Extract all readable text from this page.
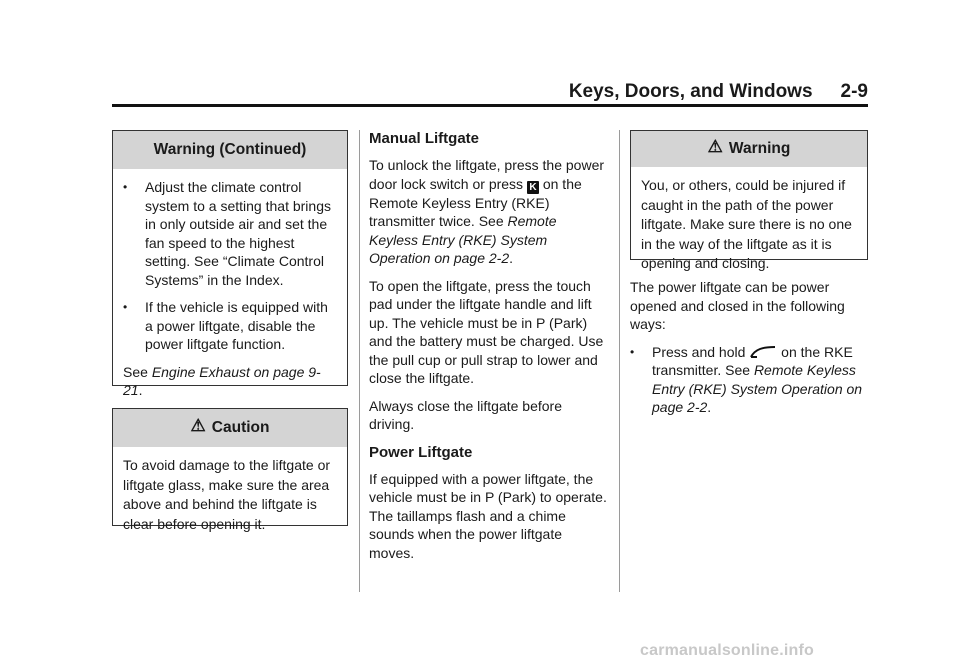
Keys, Doors, and Windows 2-9
Warning (Continued)
• Adjust the climate control system to a setting that brings in only outside air and set the fan speed to the highest setting. See “Climate Control Systems” in the Index.
• If the vehicle is equipped with a power liftgate, disable the power liftgate function.
See Engine Exhaust on page 9-21.
⚠ Caution
To avoid damage to the liftgate or liftgate glass, make sure the area above and behind the liftgate is clear before opening it.
Manual Liftgate

To unlock the liftgate, press the power door lock switch or press K on the Remote Keyless Entry (RKE) transmitter twice. See Remote Keyless Entry (RKE) System Operation on page 2-2.

To open the liftgate, press the touch pad under the liftgate handle and lift up. The vehicle must be in P (Park) and the battery must be charged. Use the pull cup or pull strap to lower and close the liftgate.

Always close the liftgate before driving.

Power Liftgate

If equipped with a power liftgate, the vehicle must be in P (Park) to operate. The taillamps flash and a chime sounds when the power liftgate moves.

⚠ Warning
You, or others, could be injured if caught in the path of the power liftgate. Make sure there is no one in the way of the liftgate as it is opening and closing.

The power liftgate can be power opened and closed in the following ways:

• Press and hold  on the RKE transmitter. See Remote Keyless Entry (RKE) System Operation on page 2-2.
carmanualsonline.info
